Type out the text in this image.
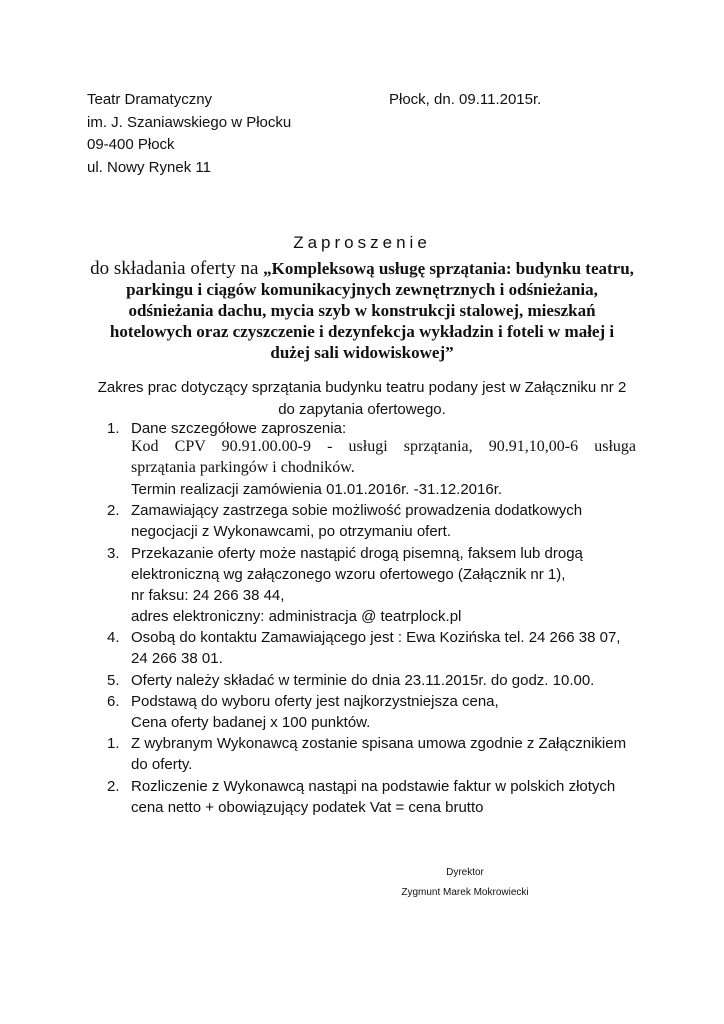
Teatr Dramatyczny
im. J. Szaniawskiego w Płocku
09-400 Płock
ul. Nowy Rynek 11
Płock, dn. 09.11.2015r.
Zaproszenie
do składania oferty na „Kompleksową usługę sprzątania: budynku teatru,
parkingu i ciągów komunikacyjnych zewnętrznych i odśnieżania,
odśnieżania dachu, mycia szyb w konstrukcji stalowej, mieszkań
hotelowych oraz czyszczenie i dezynfekcja wykładzin i foteli w małej i
dużej sali widowiskowej”
Zakres prac dotyczący sprzątania budynku teatru podany jest w Załączniku nr 2
do zapytania ofertowego.
1. Dane szczegółowe zaproszenia:
Kod CPV 90.91.00.00-9 - usługi sprzątania, 90.91,10,00-6 usługa
sprzątania parkingów i chodników.
Termin realizacji zamówienia 01.01.2016r. -31.12.2016r.
2. Zamawiający zastrzega sobie możliwość prowadzenia dodatkowych
negocjacji z Wykonawcami, po otrzymaniu ofert.
3. Przekazanie oferty może nastąpić drogą pisemną, faksem lub drogą
elektroniczną wg załączonego wzoru ofertowego (Załącznik nr 1),
nr faksu: 24 266 38 44,
adres elektroniczny: administracja @ teatrplock.pl
4. Osobą do kontaktu Zamawiającego jest : Ewa Kozińska tel. 24 266 38 07,
24 266 38 01.
5. Oferty należy składać w terminie do dnia 23.11.2015r. do godz. 10.00.
6. Podstawą do wyboru oferty jest najkorzystniejsza cena,
Cena oferty badanej x 100 punktów.
1. Z wybranym Wykonawcą zostanie spisana umowa zgodnie z Załącznikiem
do oferty.
2. Rozliczenie z Wykonawcą nastąpi na podstawie faktur w polskich złotych
cena netto + obowiązujący podatek Vat = cena brutto
Dyrektor
Zygmunt Marek Mokrowiecki
